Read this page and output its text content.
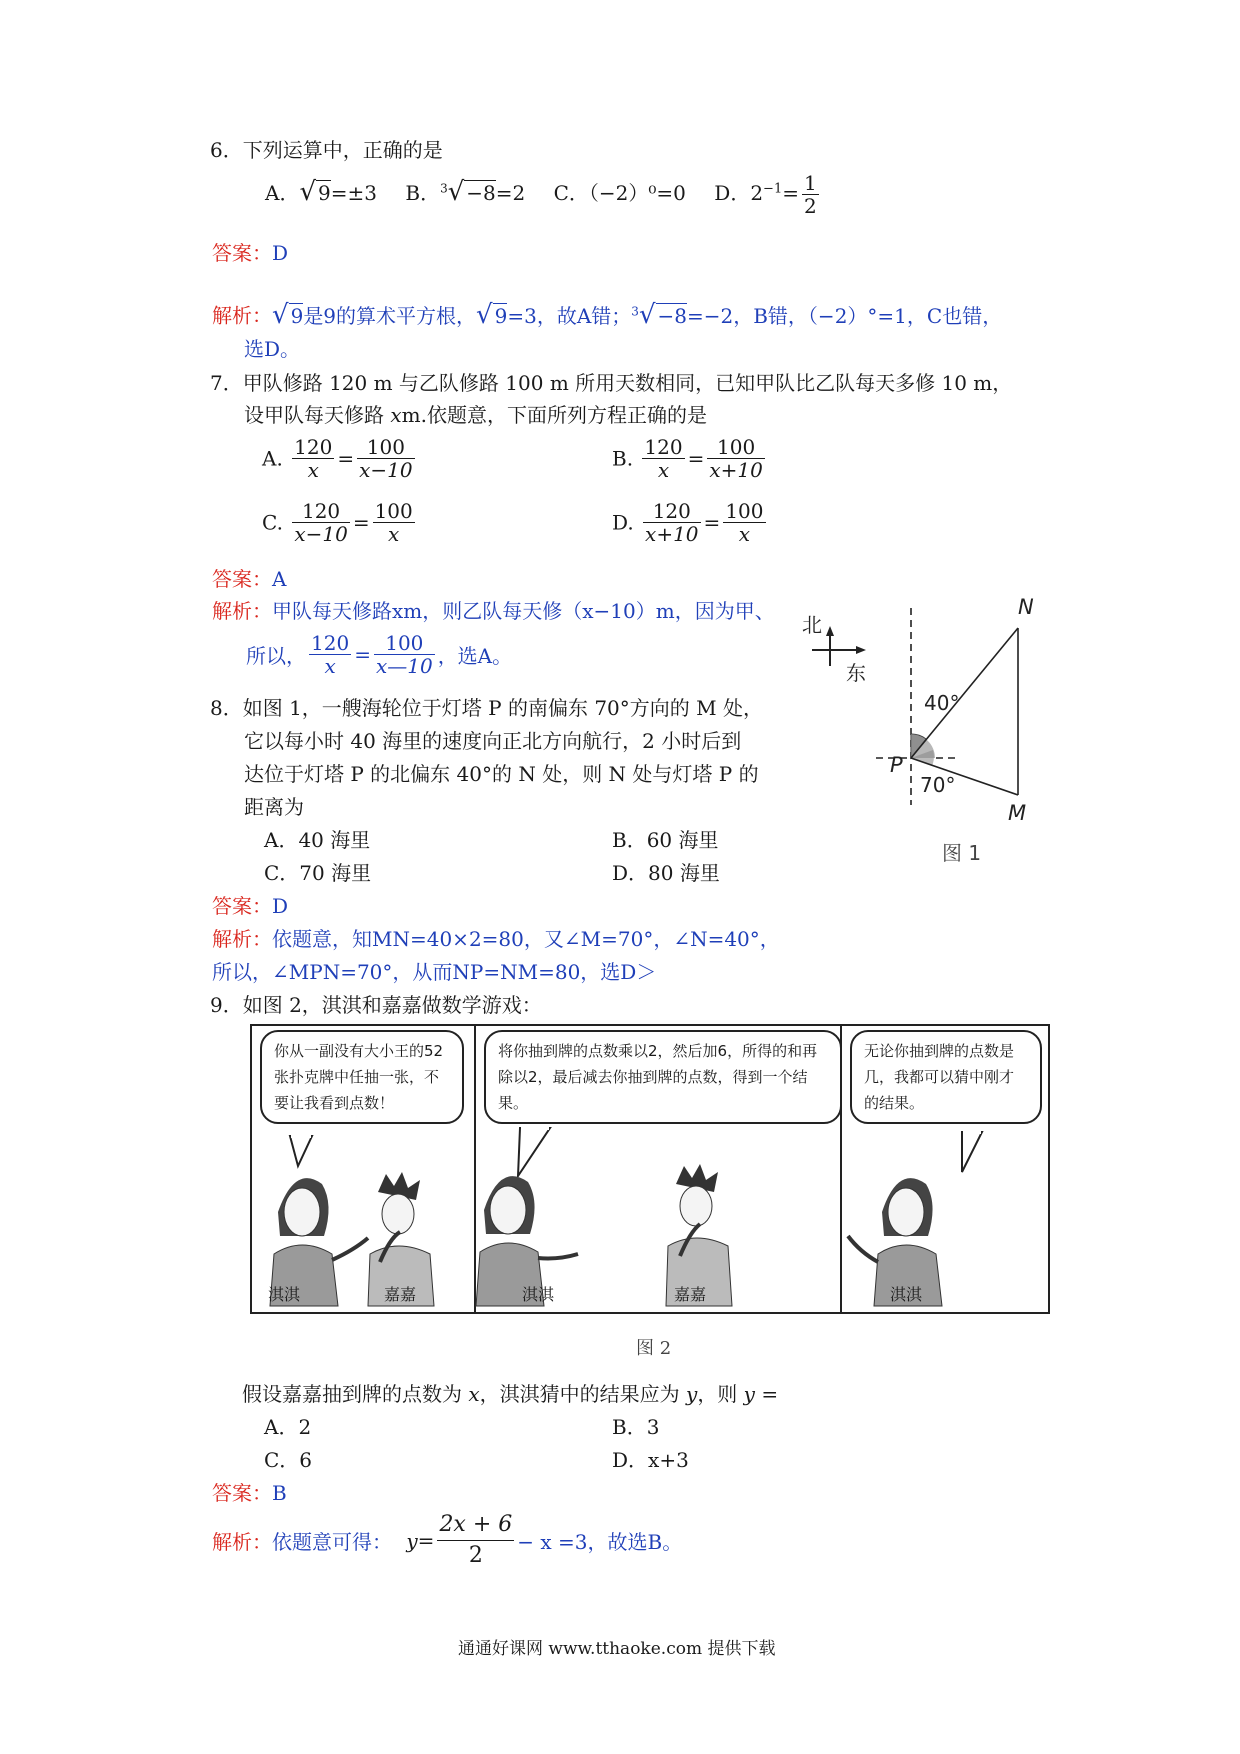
6．下列运算中，正确的是
A．√ 9=±3 B．$^3$√ −8=2 C．（−2）⁰=0 D．$2^{-1}= \frac{1}{2}$
答案：D
解析：√ 9是9的算术平方根，√ 9=3，故A错；$^3$√ −8=−2，B错，（−2）°=1，C也错，
选D。
7．甲队修路 120 m 与乙队修路 100 m 所用天数相同，已知甲队比乙队每天多修 10 m，
设甲队每天修路 xm.依题意，下面所列方程正确的是
A. $\frac{120}{x} = \frac{100}{x-10}$	B. $\frac{120}{x} = \frac{100}{x+10}$
C. $\frac{120}{x-10} = \frac{100}{x}$	D. $\frac{120}{x+10} = \frac{100}{x}$
答案：A
解析：甲队每天修路xm，则乙队每天修（x−10）m，因为甲、
所以， $\frac{120}{x} = \frac{100}{x—10}$ ，选A。
北
东
N
P
M
40°
70°
图 1
8．如图 1，一艘海轮位于灯塔 P 的南偏东 70°方向的 M 处，
它以每小时 40 海里的速度向正北方向航行，2 小时后到
达位于灯塔 P 的北偏东 40°的 N 处，则 N 处与灯塔 P 的
距离为
A．40 海里	B．60 海里
C．70 海里	D．80 海里
答案：D
解析：依题意，知MN=40×2=80，又∠M=70°，∠N=40°，
所以，∠MPN=70°，从而NP=NM=80，选D＞
9．如图 2，淇淇和嘉嘉做数学游戏：
你从一副没有大小王的52张扑克牌中任抽一张，不要让我看到点数！
将你抽到牌的点数乘以2，然后加6，所得的和再除以2，最后减去你抽到牌的点数，得到一个结果。
无论你抽到牌的点数是几，我都可以猜中刚才的结果。
淇淇	嘉嘉	淇淇	嘉嘉	淇淇
图 2
假设嘉嘉抽到牌的点数为 x，淇淇猜中的结果应为 y，则 y =
A．2	B．3
C．6	D．x+3
答案：B
解析：依题意可得： $y= \frac{2x + 6}{2} - x =3$，故选B。
通通好课网 www.tthaoke.com 提供下载
